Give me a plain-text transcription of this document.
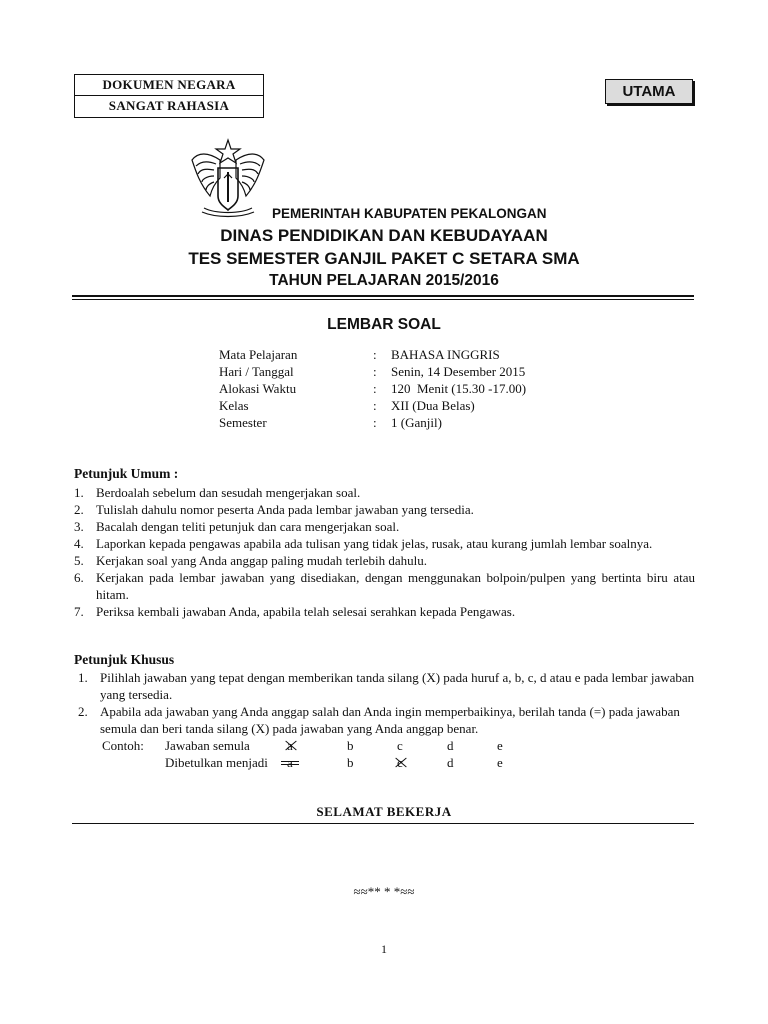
DOKUMEN NEGARA
SANGAT RAHASIA
UTAMA
PEMERINTAH KABUPATEN PEKALONGAN
DINAS PENDIDIKAN DAN KEBUDAYAAN
TES SEMESTER GANJIL PAKET C SETARA SMA
TAHUN PELAJARAN 2015/2016
LEMBAR SOAL
Mata Pelajaran	:	BAHASA INGGRIS
Hari / Tanggal	:	Senin, 14 Desember 2015
Alokasi Waktu	:	120  Menit (15.30 -17.00)
Kelas	:	XII (Dua Belas)
Semester	:	1 (Ganjil)
Petunjuk Umum :
1. Berdoalah sebelum dan sesudah mengerjakan soal.
2. Tulislah dahulu nomor peserta Anda pada lembar jawaban yang tersedia.
3. Bacalah dengan teliti petunjuk dan cara mengerjakan soal.
4. Laporkan kepada pengawas apabila ada tulisan yang tidak jelas, rusak, atau kurang jumlah lembar soalnya.
5. Kerjakan soal yang Anda anggap paling mudah terlebih dahulu.
6. Kerjakan pada lembar jawaban yang disediakan, dengan menggunakan bolpoin/pulpen yang bertinta biru atau hitam.
7. Periksa kembali jawaban Anda, apabila telah selesai serahkan kepada Pengawas.
Petunjuk Khusus
1. Pilihlah jawaban yang tepat dengan memberikan tanda silang (X) pada huruf a, b, c, d atau e pada lembar jawaban yang tersedia.
2. Apabila ada jawaban yang Anda anggap salah dan Anda ingin memperbaikinya, berilah tanda (=) pada jawaban semula dan beri tanda silang (X) pada jawaban yang Anda anggap benar.
Contoh:	Jawaban semula	a	b	c	d	e
Dibetulkan menjadi	a	b	c	d	e
SELAMAT BEKERJA
≈≈** * *≈≈
1
